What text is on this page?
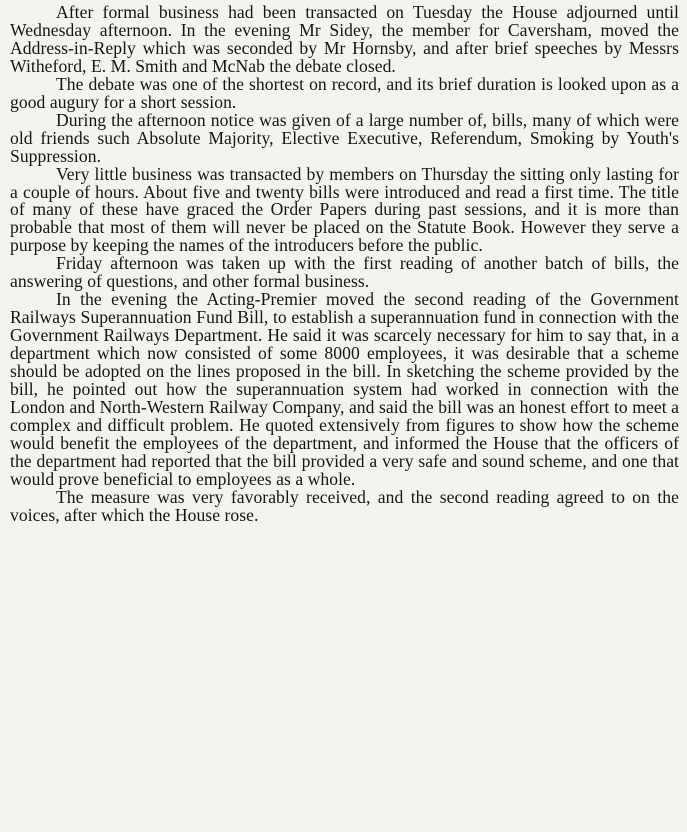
After formal business had been transacted on Tuesday the House adjourned until Wednesday afternoon. In the evening Mr Sidey, the member for Caversham, moved the Address-in-Reply which was seconded by Mr Hornsby, and after brief speeches by Messrs Witheford, E. M. Smith and McNab the debate closed.

The debate was one of the shortest on record, and its brief duration is looked upon as a good augury for a short session.

During the afternoon notice was given of a large number of, bills, many of which were old friends such Absolute Majority, Elective Executive, Referendum, Smoking by Youth's Suppression.

Very little business was transacted by members on Thursday the sitting only lasting for a couple of hours. About five and twenty bills were introduced and read a first time. The title of many of these have graced the Order Papers during past sessions, and it is more than probable that most of them will never be placed on the Statute Book. However they serve a purpose by keeping the names of the introducers before the public.

Friday afternoon was taken up with the first reading of another batch of bills, the answering of questions, and other formal business.

In the evening the Acting-Premier moved the second reading of the Government Railways Superannuation Fund Bill, to establish a superannuation fund in connection with the Government Railways Department. He said it was scarcely necessary for him to say that, in a department which now consisted of some 8000 employees, it was desirable that a scheme should be adopted on the lines proposed in the bill. In sketching the scheme provided by the bill, he pointed out how the superannuation system had worked in connection with the London and North-Western Railway Company, and said the bill was an honest effort to meet a complex and difficult problem. He quoted extensively from figures to show how the scheme would benefit the employees of the department, and informed the House that the officers of the department had reported that the bill provided a very safe and sound scheme, and one that would prove beneficial to employees as a whole.

The measure was very favorably received, and the second reading agreed to on the voices, after which the House rose.
